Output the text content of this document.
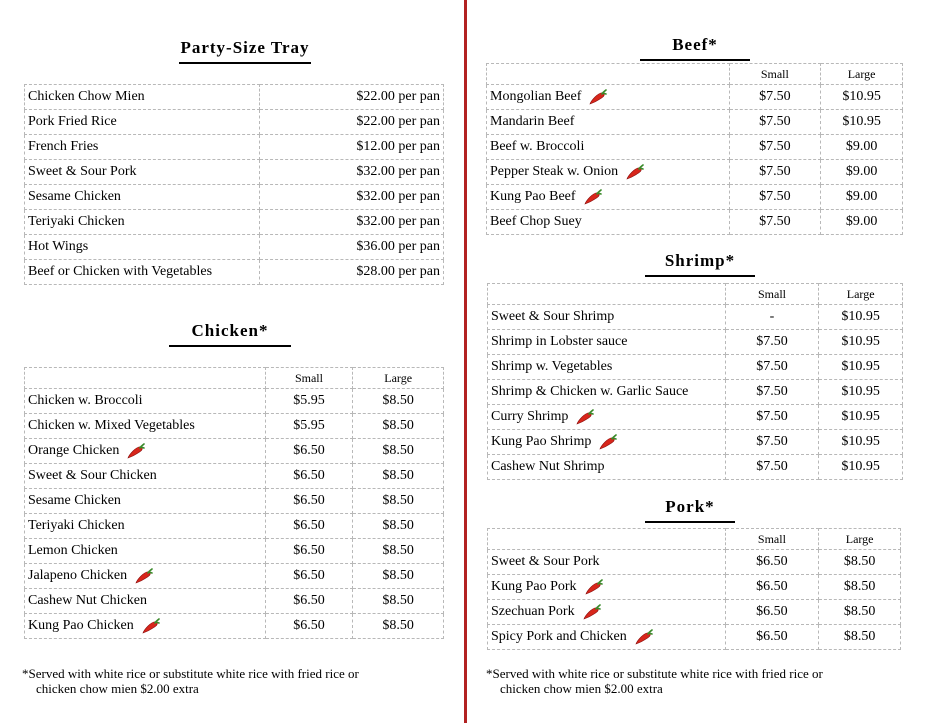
Party-Size Tray
Chicken Chow Mien	$22.00 per pan
Pork Fried Rice	$22.00 per pan
French Fries	$12.00 per pan
Sweet & Sour Pork	$32.00 per pan
Sesame Chicken	$32.00 per pan
Teriyaki Chicken	$32.00 per pan
Hot Wings	$36.00 per pan
Beef or Chicken with Vegetables	$28.00 per pan
Chicken*
	Small	Large
Chicken w. Broccoli	$5.95	$8.50
Chicken w. Mixed Vegetables	$5.95	$8.50
Orange Chicken	$6.50	$8.50
Sweet & Sour Chicken	$6.50	$8.50
Sesame Chicken	$6.50	$8.50
Teriyaki Chicken	$6.50	$8.50
Lemon Chicken	$6.50	$8.50
Jalapeno Chicken	$6.50	$8.50
Cashew Nut Chicken	$6.50	$8.50
Kung Pao Chicken	$6.50	$8.50
*Served with white rice or substitute white rice with fried rice or
chicken chow mien $2.00 extra
Beef*
	Small	Large
Mongolian Beef	$7.50	$10.95
Mandarin Beef	$7.50	$10.95
Beef w. Broccoli	$7.50	$9.00
Pepper Steak w. Onion	$7.50	$9.00
Kung Pao Beef	$7.50	$9.00
Beef Chop Suey	$7.50	$9.00
Shrimp*
	Small	Large
Sweet & Sour Shrimp	-	$10.95
Shrimp in Lobster sauce	$7.50	$10.95
Shrimp w. Vegetables	$7.50	$10.95
Shrimp & Chicken w. Garlic Sauce	$7.50	$10.95
Curry Shrimp	$7.50	$10.95
Kung Pao Shrimp	$7.50	$10.95
Cashew Nut Shrimp	$7.50	$10.95
Pork*
	Small	Large
Sweet & Sour Pork	$6.50	$8.50
Kung Pao Pork	$6.50	$8.50
Szechuan Pork	$6.50	$8.50
Spicy Pork and Chicken	$6.50	$8.50
*Served with white rice or substitute white rice with fried rice or
chicken chow mien $2.00 extra
